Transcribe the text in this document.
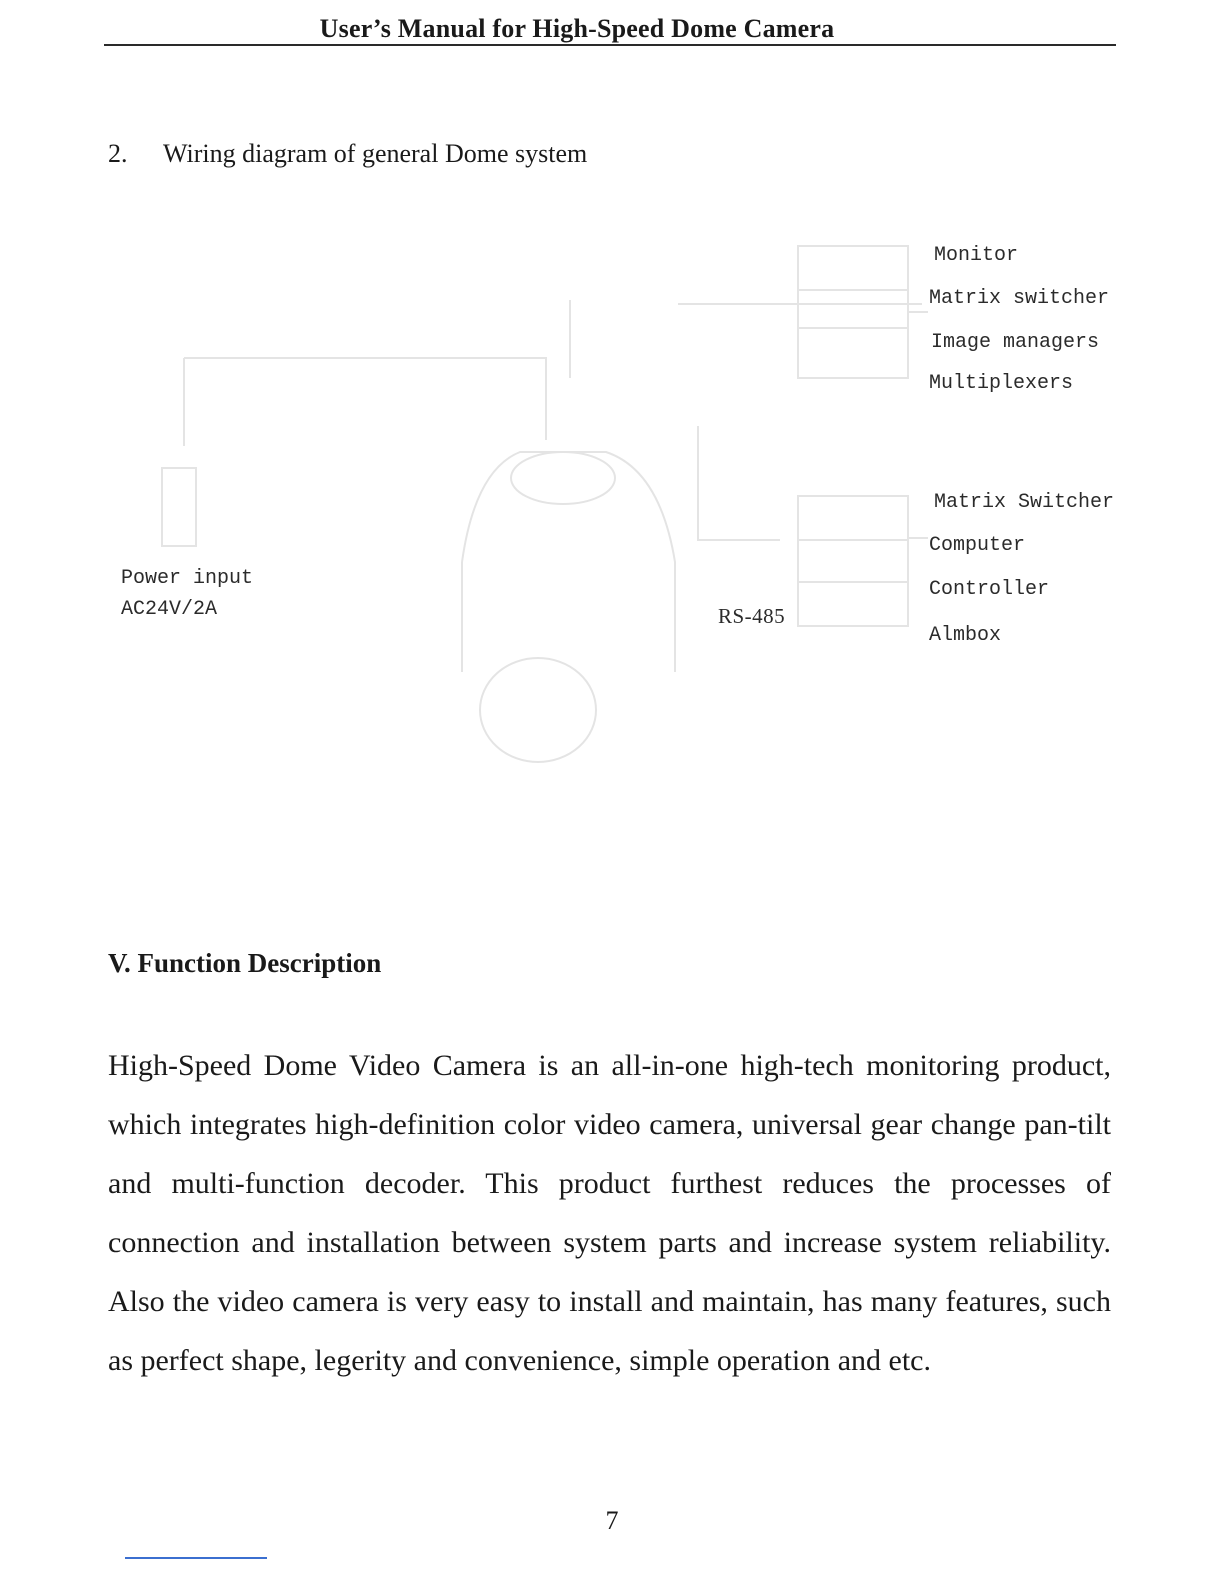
User’s Manual for High-Speed Dome Camera
2. Wiring diagram of general Dome system
RS-485
Power input
AC24V/2A
Monitor
Matrix switcher
Image managers
Multiplexers
Matrix Switcher
Computer
Controller
Almbox
V. Function Description
High-Speed Dome Video Camera is an all-in-one high-tech monitoring product, which integrates high-definition color video camera, universal gear change pan-tilt and multi-function decoder. This product furthest reduces the processes of connection and installation between system parts and increase system reliability. Also the video camera is very easy to install and maintain, has many features, such as perfect shape, legerity and convenience, simple operation and etc.
7
